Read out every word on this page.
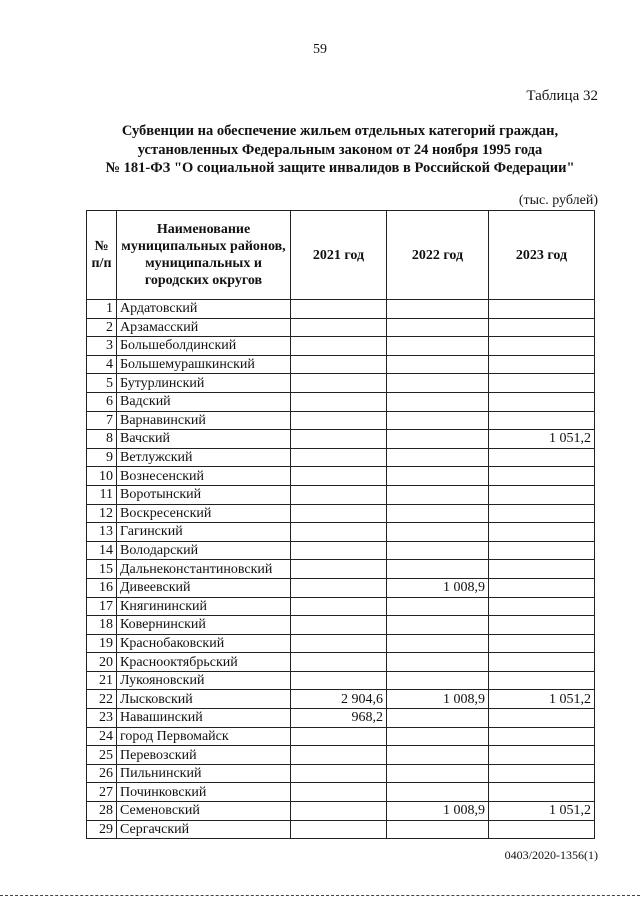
59
Таблица 32
Субвенции на обеспечение жильем отдельных категорий граждан,
установленных Федеральным законом от 24 ноября 1995 года
№ 181-ФЗ "О социальной защите инвалидов в Российской Федерации"
(тыс. рублей)
№ п/п	Наименование муниципальных районов, муниципальных и городских округов	2021 год	2022 год	2023 год
1	Ардатовский			
2	Арзамасский			
3	Большеболдинский			
4	Большемурашкинский			
5	Бутурлинский			
6	Вадский			
7	Варнавинский			
8	Вачский			1 051,2
9	Ветлужский			
10	Вознесенский			
11	Воротынский			
12	Воскресенский			
13	Гагинский			
14	Володарский			
15	Дальнеконстантиновский			
16	Дивеевский		1 008,9	
17	Княгининский			
18	Ковернинский			
19	Краснобаковский			
20	Краснооктябрьский			
21	Лукояновский			
22	Лысковский	2 904,6	1 008,9	1 051,2
23	Навашинский	968,2		
24	город Первомайск			
25	Перевозский			
26	Пильнинский			
27	Починковский			
28	Семеновский		1 008,9	1 051,2
29	Сергачский			
0403/2020-1356(1)
